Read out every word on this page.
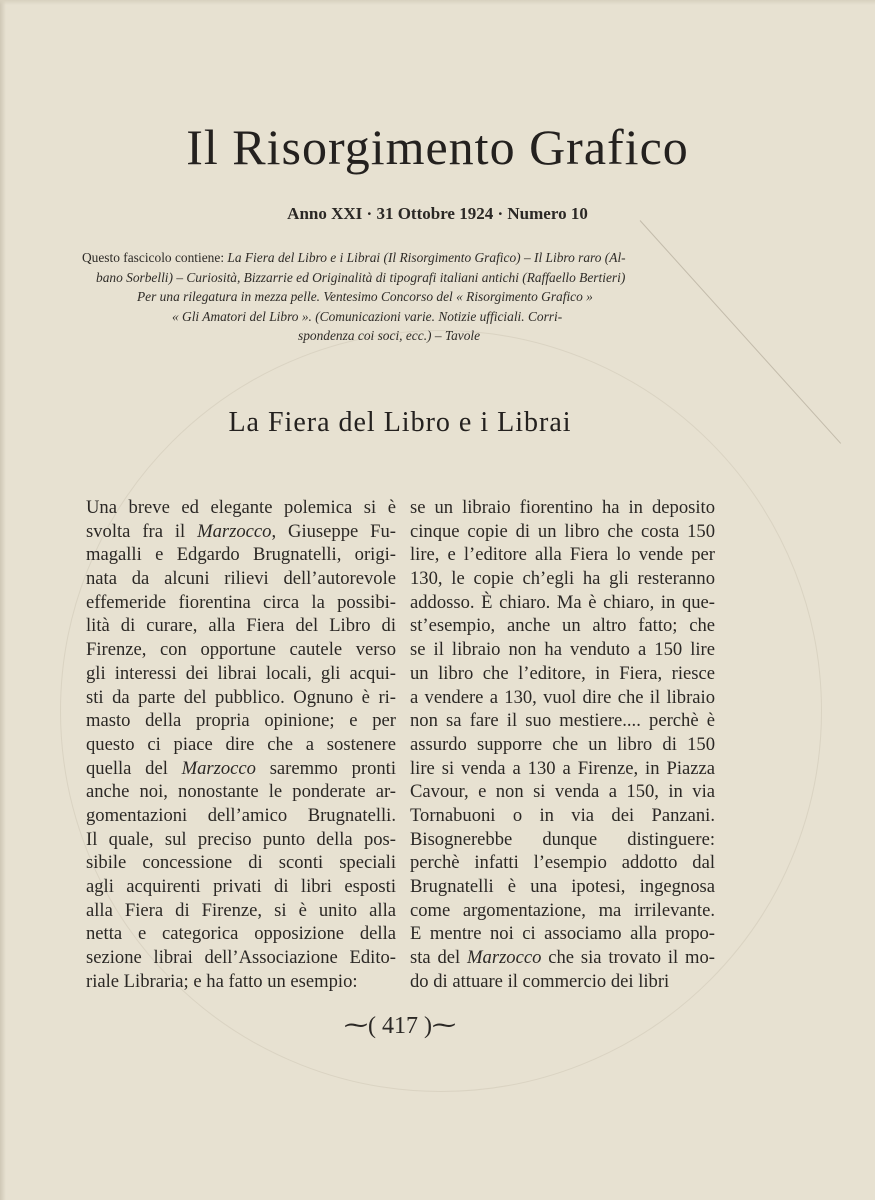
Il Risorgimento Grafico
Anno XXI · 31 Ottobre 1924 · Numero 10
Questo fascicolo contiene: La Fiera del Libro e i Librai (Il Risorgimento Grafico) – Il Libro raro (Al-
bano Sorbelli) – Curiosità, Bizzarrie ed Originalità di tipografi italiani antichi (Raffaello Bertieri)
Per una rilegatura in mezza pelle. Ventesimo Concorso del « Risorgimento Grafico »
« Gli Amatori del Libro ». (Comunicazioni varie. Notizie ufficiali. Corri-
spondenza coi soci, ecc.) – Tavole
La Fiera del Libro e i Librai
Una breve ed elegante polemica si è
svolta fra il Marzocco, Giuseppe Fu-
magalli e Edgardo Brugnatelli, origi-
nata da alcuni rilievi dell’autorevole
effemeride fiorentina circa la possibi-
lità di curare, alla Fiera del Libro di
Firenze, con opportune cautele verso
gli interessi dei librai locali, gli acqui-
sti da parte del pubblico. Ognuno è ri-
masto della propria opinione; e per
questo ci piace dire che a sostenere
quella del Marzocco saremmo pronti
anche noi, nonostante le ponderate ar-
gomentazioni dell’amico Brugnatelli.
Il quale, sul preciso punto della pos-
sibile concessione di sconti speciali
agli acquirenti privati di libri esposti
alla Fiera di Firenze, si è unito alla
netta e categorica opposizione della
sezione librai dell’Associazione Edito-
riale Libraria; e ha fatto un esempio:
se un libraio fiorentino ha in deposito
cinque copie di un libro che costa 150
lire, e l’editore alla Fiera lo vende per
130, le copie ch’egli ha gli resteranno
addosso. È chiaro. Ma è chiaro, in que-
st’esempio, anche un altro fatto; che
se il libraio non ha venduto a 150 lire
un libro che l’editore, in Fiera, riesce
a vendere a 130, vuol dire che il libraio
non sa fare il suo mestiere.... perchè è
assurdo supporre che un libro di 150
lire si venda a 130 a Firenze, in Piazza
Cavour, e non si venda a 150, in via
Tornabuoni o in via dei Panzani.
Bisognerebbe dunque distinguere:
perchè infatti l’esempio addotto dal
Brugnatelli è una ipotesi, ingegnosa
come argomentazione, ma irrilevante.
E mentre noi ci associamo alla propo-
sta del Marzocco che sia trovato il mo-
do di attuare il commercio dei libri
⁓( 417 )⁓
